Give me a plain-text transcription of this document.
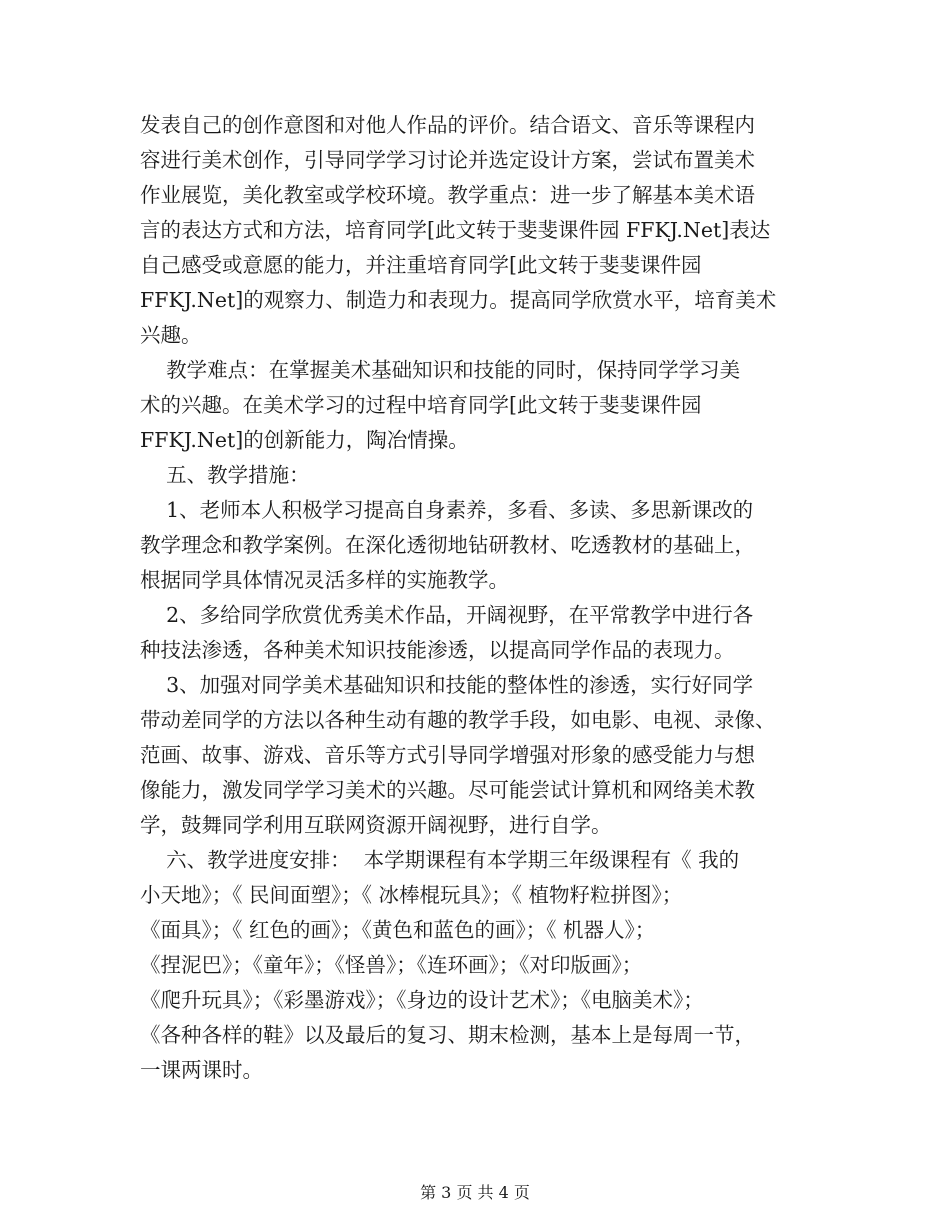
发表自己的创作意图和对他人作品的评价。结合语文、音乐等课程内
容进行美术创作，引导同学学习讨论并选定设计方案，尝试布置美术
作业展览，美化教室或学校环境。教学重点：进一步了解基本美术语
言的表达方式和方法，培育同学[此文转于斐斐课件园 FFKJ.Net]表达
自己感受或意愿的能力，并注重培育同学[此文转于斐斐课件园
FFKJ.Net]的观察力、制造力和表现力。提高同学欣赏水平，培育美术
兴趣。
教学难点：在掌握美术基础知识和技能的同时，保持同学学习美
术的兴趣。在美术学习的过程中培育同学[此文转于斐斐课件园
FFKJ.Net]的创新能力，陶冶情操。
五、教学措施：
1、老师本人积极学习提高自身素养，多看、多读、多思新课改的
教学理念和教学案例。在深化透彻地钻研教材、吃透教材的基础上，
根据同学具体情况灵活多样的实施教学。
2、多给同学欣赏优秀美术作品，开阔视野，在平常教学中进行各
种技法渗透，各种美术知识技能渗透，以提高同学作品的表现力。
3、加强对同学美术基础知识和技能的整体性的渗透，实行好同学
带动差同学的方法以各种生动有趣的教学手段，如电影、电视、录像、
范画、故事、游戏、音乐等方式引导同学增强对形象的感受能力与想
像能力，激发同学学习美术的兴趣。尽可能尝试计算机和网络美术教
学，鼓舞同学利用互联网资源开阔视野，进行自学。
六、教学进度安排：  本学期课程有本学期三年级课程有《 我的
小天地》；《 民间面塑》；《 冰棒棍玩具》；《 植物籽粒拼图》；
《面具》；《 红色的画》；《黄色和蓝色的画》；《 机器人》；
《捏泥巴》；《童年》；《怪兽》；《连环画》；《对印版画》；
《爬升玩具》；《彩墨游戏》；《身边的设计艺术》；《电脑美术》；
《各种各样的鞋》以及最后的复习、期末检测，基本上是每周一节，
一课两课时。
第 3 页 共 4 页
